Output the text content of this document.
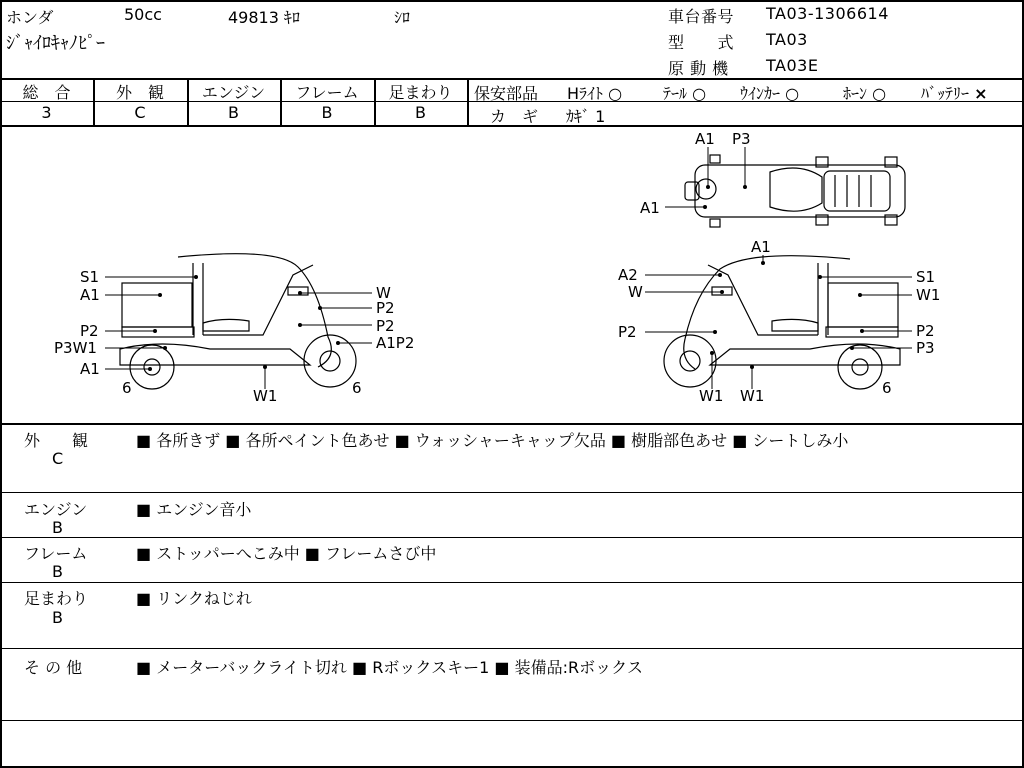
ホンダ	50cc	49813 ｷﾛ	ｼﾛ
ｼﾞｬｲﾛｷｬﾉﾋﾟｰ
車台番号 TA03-1306614
型　　式 TA03
原 動 機 TA03E
総　合
3
外　観
C
エンジン
B
フレーム
B
足まわり
B
保安部品 Hﾗｲﾄ ○	ﾃｰﾙ ○ ｳｲﾝｶｰ ○	ﾎｰﾝ ○ ﾊﾞｯﾃﾘｰ ×
カ　ギ ｶｷﾞ 1
A1 P3
A1
S1
A1
P2
P3W1
A1
6
W
P2
P2
A1P2
W1	6
A1
A2
W
P2
S1
W1
P2
P3
W1 W1	6
外　　観
C
■ 各所きず ■ 各所ペイント色あせ ■ ウォッシャーキャップ欠品 ■ 樹脂部色あせ ■ シートしみ小
エンジン
B
■ エンジン音小
フレーム
B
■ ストッパーへこみ中 ■ フレームさび中
足まわり
B
■ リンクねじれ
そ の 他	■ メーターバックライト切れ ■ Rボックスキー1 ■ 装備品:Rボックス
